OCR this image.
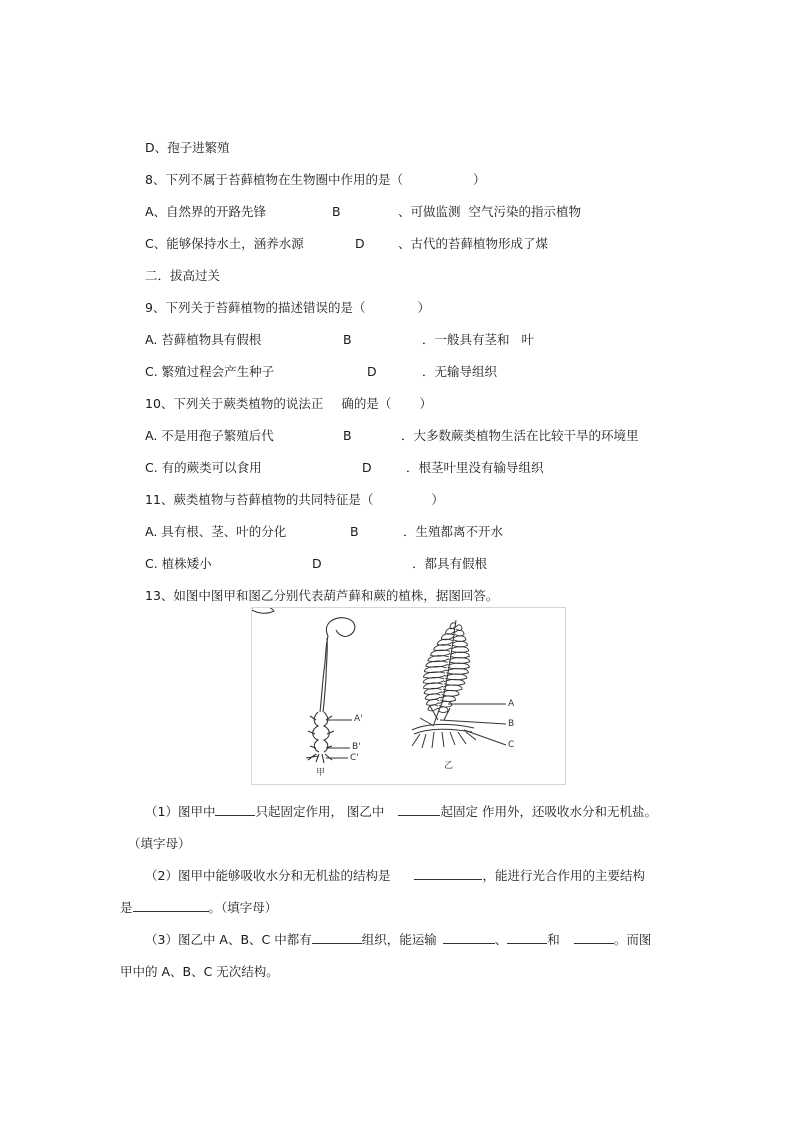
D、孢子进繁殖
8、下列不属于苔藓植物在生物圈中作用的是（	）
A、自然界的开路先锋	B	、可做监测 空气污染的指示植物
C、能够保持水土，涵养水源	D	、古代的苔藓植物形成了煤
二．拔高过关
9、下列关于苔藓植物的描述错误的是（	）
A. 苔藓植物具有假根	B	．一般具有茎和 叶
C. 繁殖过程会产生种子	D	．无输导组织
10、下列关于蕨类植物的说法正 确的是（ ）
A. 不是用孢子繁殖后代	B	．大多数蕨类植物生活在比较干旱的环境里
C. 有的蕨类可以食用	D	．根茎叶里没有输导组织
11、蕨类植物与苔藓植物的共同特征是（	）
A. 具有根、茎、叶的分化	B	．生殖都离不开水
C. 植株矮小	D	．都具有假根
13、如图中图甲和图乙分别代表葫芦藓和蕨的植株，据图回答。
A'
B'
C'
甲
A
B
C
乙
（1）图甲中	只起固定作用， 图乙中	起固定 作用外，还吸收水分和无机盐。
（填字母）
（2）图甲中能够吸收水分和无机盐的结构是	，能进行光合作用的主要结构
是	。（填字母）
（3）图乙中 A、B、C 中都有	组织，能运输	、	和	。而图
甲中的 A、B、C 无次结构。
